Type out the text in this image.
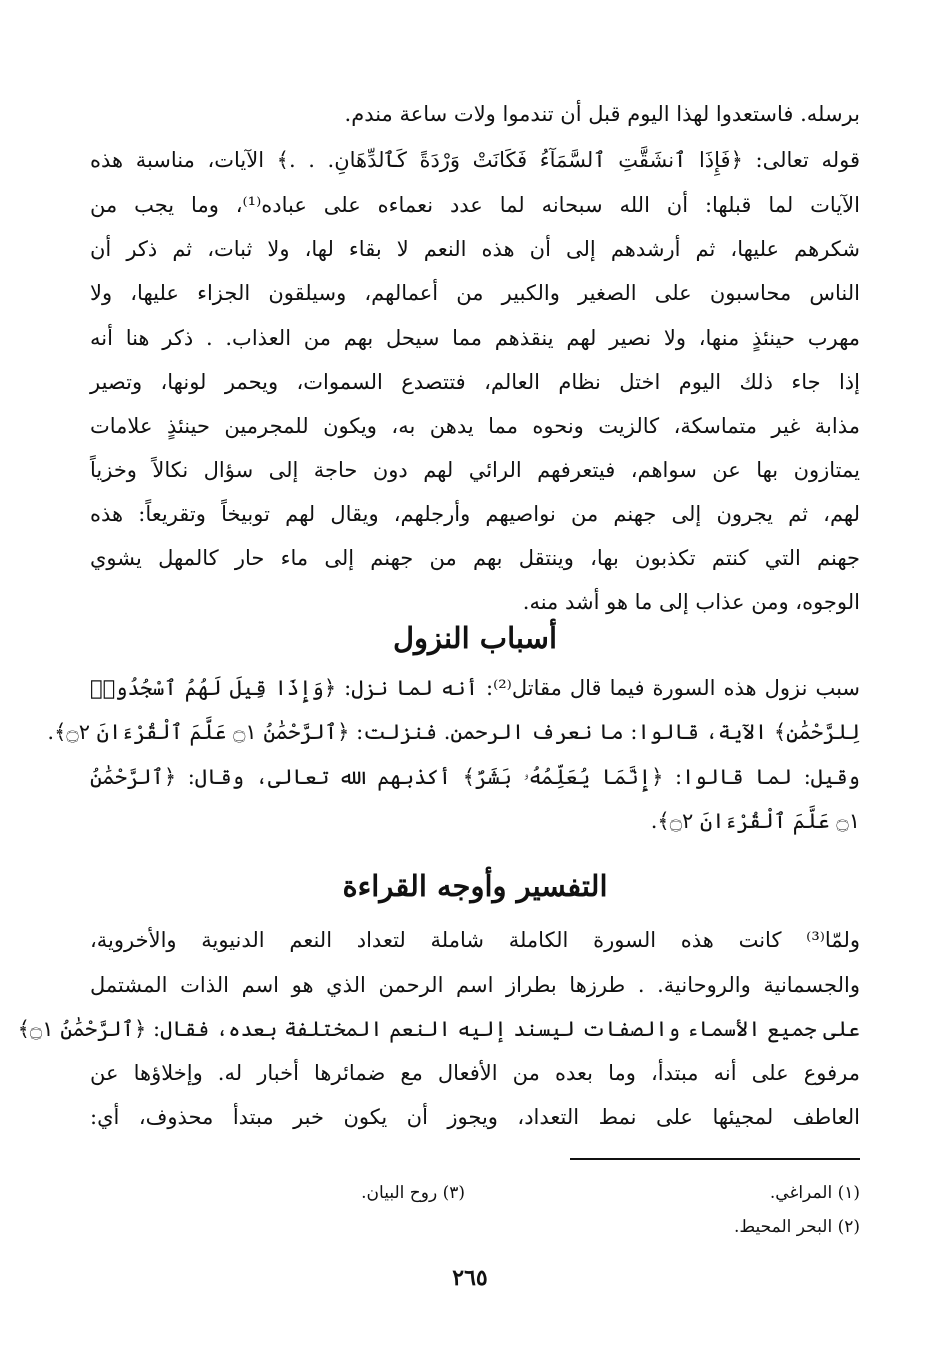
برسله. فاستعدوا لهذا اليوم قبل أن تندموا ولات ساعة مندم.
قوله تعالى: ﴿فَإِذَا ٱنشَقَّتِ ٱلسَّمَآءُ فَكَانَتْ وَرْدَةً كَٱلدِّهَانِ. . .﴾ الآيات، مناسبة هذه
الآيات لما قبلها: أن الله سبحانه لما عدد نعماءه على عباده⁽¹⁾، وما يجب من
شكرهم عليها، ثم أرشدهم إلى أن هذه النعم لا بقاء لها، ولا ثبات، ثم ذكر أن
الناس محاسبون على الصغير والكبير من أعمالهم، وسيلقون الجزاء عليها، ولا
مهرب حينئذٍ منها، ولا نصير لهم ينقذهم مما سيحل بهم من العذاب. . ذكر هنا أنه
إذا جاء ذلك اليوم اختل نظام العالم، فتتصدع السموات، ويحمر لونها، وتصير
مذابة غير متماسكة، كالزيت ونحوه مما يدهن به، ويكون للمجرمين حينئذٍ علامات
يمتازون بها عن سواهم، فيتعرفهم الرائي لهم دون حاجة إلى سؤال نكالاً وخزياً
لهم، ثم يجرون إلى جهنم من نواصيهم وأرجلهم، ويقال لهم توبيخاً وتقريعاً: هذه
جهنم التي كنتم تكذبون بها، وينتقل بهم من جهنم إلى ماء حار كالمهل يشوي
الوجوه، ومن عذاب إلى ما هو أشد منه.
أسباب النزول
سبب نزول هذه السورة فيما قال مقاتل⁽²⁾: أنه لما نزل: ﴿وَإِذَا قِيلَ لَهُمُ ٱسْجُدُوا۟
لِلرَّحْمَٰنِ﴾ الآية، قالوا: ما نعرف الرحمن. فنزلت: ﴿ٱلرَّحْمَٰنُ ۝١ عَلَّمَ ٱلْقُرْءَانَ ۝٢﴾.
وقيل: لما قالوا: ﴿إِنَّمَا يُعَلِّمُهُۥ بَشَرٌ﴾ أكذبهم الله تعالى، وقال: ﴿ٱلرَّحْمَٰنُ
۝١ عَلَّمَ ٱلْقُرْءَانَ ۝٢﴾.
التفسير وأوجه القراءة
ولمّا⁽³⁾ كانت هذه السورة الكاملة شاملة لتعداد النعم الدنيوية والأخروية،
والجسمانية والروحانية. . طرزها بطراز اسم الرحمن الذي هو اسم الذات المشتمل
على جميع الأسماء والصفات ليسند إليه النعم المختلفة بعده، فقال: ﴿ٱلرَّحْمَٰنُ ۝١﴾
مرفوع على أنه مبتدأ، وما بعده من الأفعال مع ضمائرها أخبار له. وإخلاؤها عن
العاطف لمجيئها على نمط التعداد، ويجوز أن يكون خبر مبتدأ محذوف، أي:
(١) المراغي.
(٢) البحر المحيط.
(٣) روح البيان.
٢٦٥
